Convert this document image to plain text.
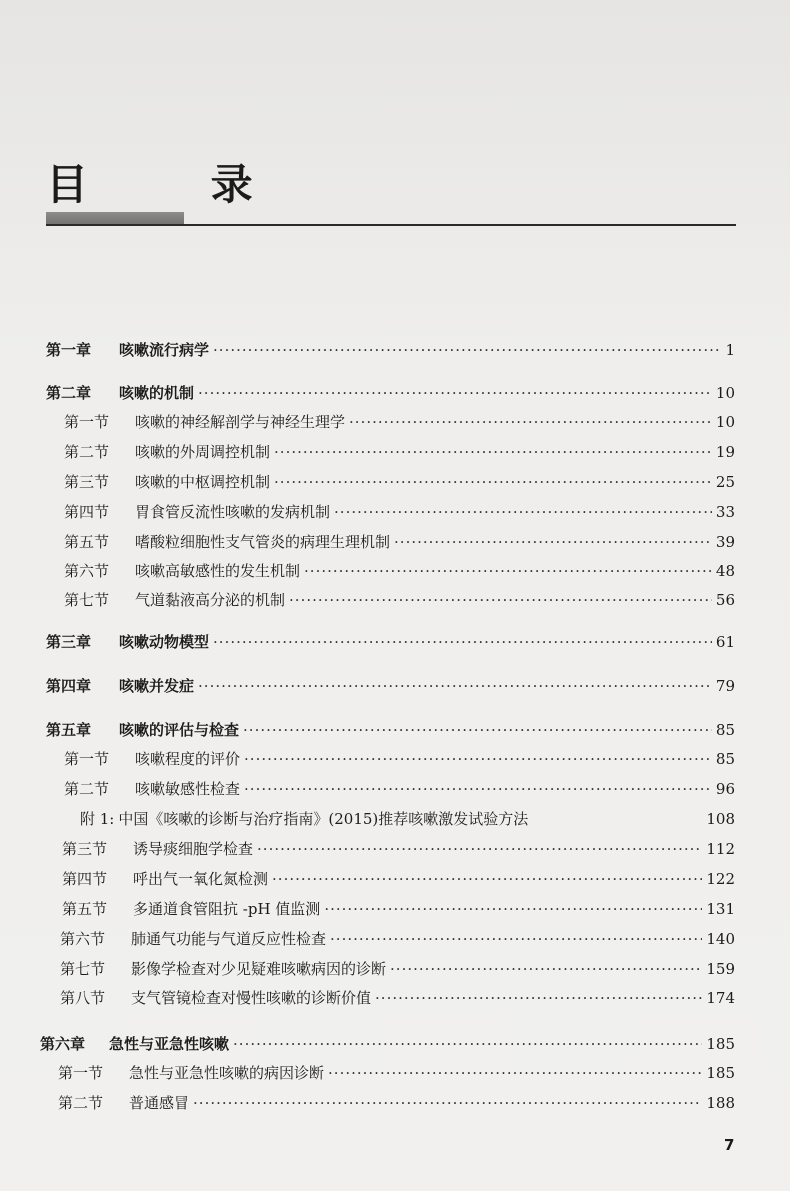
目 录
第一章 咳嗽流行病学 ·····	1
第二章 咳嗽的机制 ·····	10
第一节 咳嗽的神经解剖学与神经生理学 ·····	10
第二节 咳嗽的外周调控机制 ·····	19
第三节 咳嗽的中枢调控机制 ·····	25
第四节 胃食管反流性咳嗽的发病机制 ·····	33
第五节 嗜酸粒细胞性支气管炎的病理生理机制 ·····	39
第六节 咳嗽高敏感性的发生机制 ·····	48
第七节 气道黏液高分泌的机制 ·····	56
第三章 咳嗽动物模型 ·····	61
第四章 咳嗽并发症 ·····	79
第五章 咳嗽的评估与检查 ·····	85
第一节 咳嗽程度的评价 ·····	85
第二节 咳嗽敏感性检查 ·····	96
附 1: 中国《咳嗽的诊断与治疗指南》(2015)推荐咳嗽激发试验方法	108
第三节 诱导痰细胞学检查 ·····	112
第四节 呼出气一氧化氮检测 ·····	122
第五节 多通道食管阻抗 -pH 值监测 ·····	131
第六节 肺通气功能与气道反应性检查 ·····	140
第七节 影像学检查对少见疑难咳嗽病因的诊断 ·····	159
第八节 支气管镜检查对慢性咳嗽的诊断价值 ·····	174
第六章 急性与亚急性咳嗽 ·····	185
第一节 急性与亚急性咳嗽的病因诊断 ·····	185
第二节 普通感冒 ·····	188
7
